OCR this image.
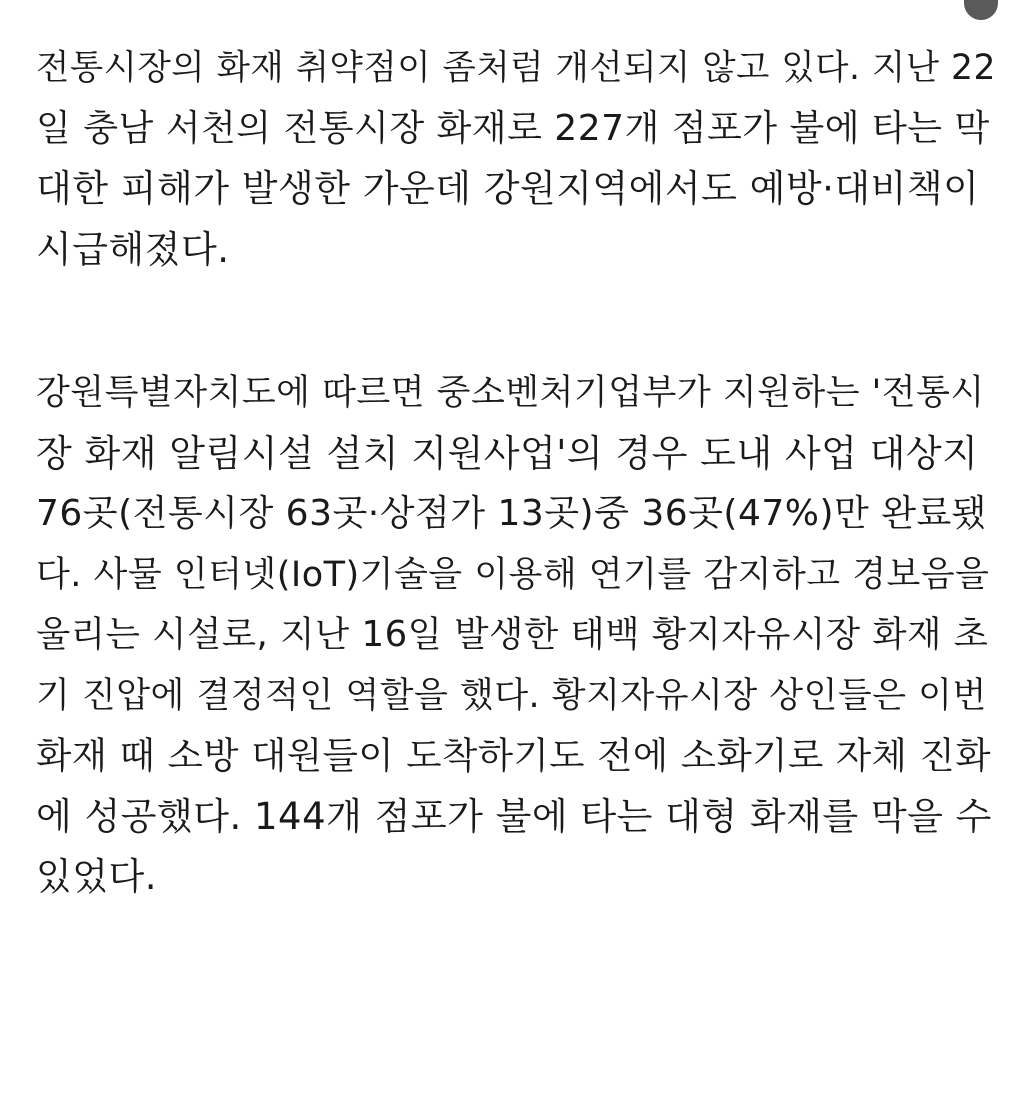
전통시장의 화재 취약점이 좀처럼 개선되지 않고 있다. 지난 22
일 충남 서천의 전통시장 화재로 227개 점포가 불에 타는 막
대한 피해가 발생한 가운데 강원지역에서도 예방·대비책이
시급해졌다.
강원특별자치도에 따르면 중소벤처기업부가 지원하는 '전통시
장 화재 알림시설 설치 지원사업'의 경우 도내 사업 대상지
76곳(전통시장 63곳·상점가 13곳)중 36곳(47%)만 완료됐
다. 사물 인터넷(IoT)기술을 이용해 연기를 감지하고 경보음을
울리는 시설로, 지난 16일 발생한 태백 황지자유시장 화재 초
기 진압에 결정적인 역할을 했다. 황지자유시장 상인들은 이번
화재 때 소방 대원들이 도착하기도 전에 소화기로 자체 진화
에 성공했다. 144개 점포가 불에 타는 대형 화재를 막을 수
있었다.
